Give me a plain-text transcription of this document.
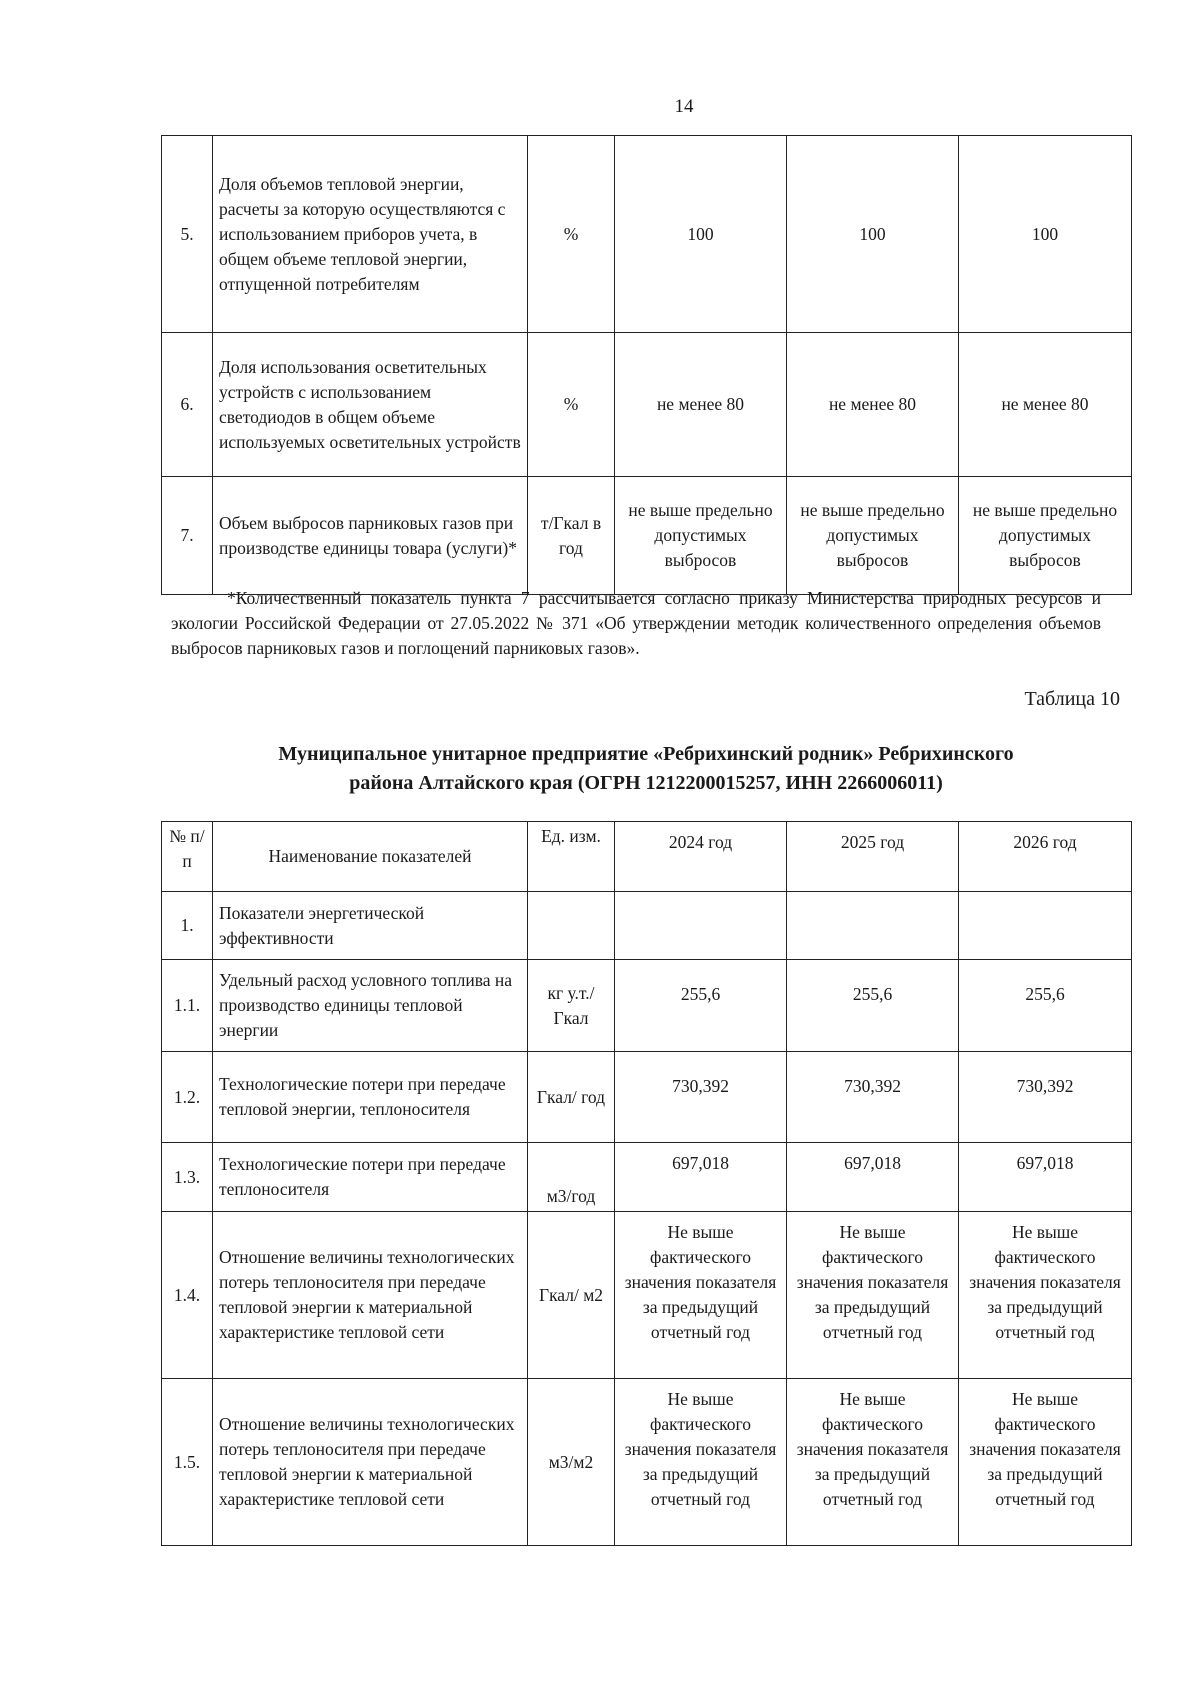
14
5.	Доля объемов тепловой энергии, расчеты за которую осуществляются с использованием приборов учета, в общем объеме тепловой энергии, отпущенной потребителям	%	100	100	100
6.	Доля использования осветительных устройств с использованием светодиодов в общем объеме используемых осветительных устройств	%	не менее 80	не менее 80	не менее 80
7.	Объем выбросов парниковых газов при производстве единицы товара (услуги)*	т/Гкал в год	не выше предельно допустимых выбросов	не выше предельно допустимых выбросов	не выше предельно допустимых выбросов
*Количественный показатель пункта 7 рассчитывается согласно приказу Министерства природных ресурсов и экологии Российской Федерации от 27.05.2022 № 371 «Об утверждении методик количественного определения объемов выбросов парниковых газов и поглощений парниковых газов».
Таблица 10
Муниципальное унитарное предприятие «Ребрихинский родник» Ребрихинского
района Алтайского края (ОГРН 1212200015257, ИНН 2266006011)
№ п/п	Наименование показателей	Ед. изм.	2024 год	2025 год	2026 год
1.	Показатели энергетической эффективности				
1.1.	Удельный расход условного топлива на производство единицы тепловой энергии	кг у.т./ Гкал	255,6	255,6	255,6
1.2.	Технологические потери при передаче тепловой энергии, теплоносителя	Гкал/ год	730,392	730,392	730,392
1.3.	Технологические потери при передаче теплоносителя	м3/год	697,018	697,018	697,018
1.4.	Отношение величины технологических потерь теплоносителя при передаче тепловой энергии к материальной характеристике тепловой сети	Гкал/ м2	Не выше фактического значения показателя за предыдущий отчетный год	Не выше фактического значения показателя за предыдущий отчетный год	Не выше фактического значения показателя за предыдущий отчетный год
1.5.	Отношение величины технологических потерь теплоносителя при передаче тепловой энергии к материальной характеристике тепловой сети	м3/м2	Не выше фактического значения показателя за предыдущий отчетный год	Не выше фактического значения показателя за предыдущий отчетный год	Не выше фактического значения показателя за предыдущий отчетный год
